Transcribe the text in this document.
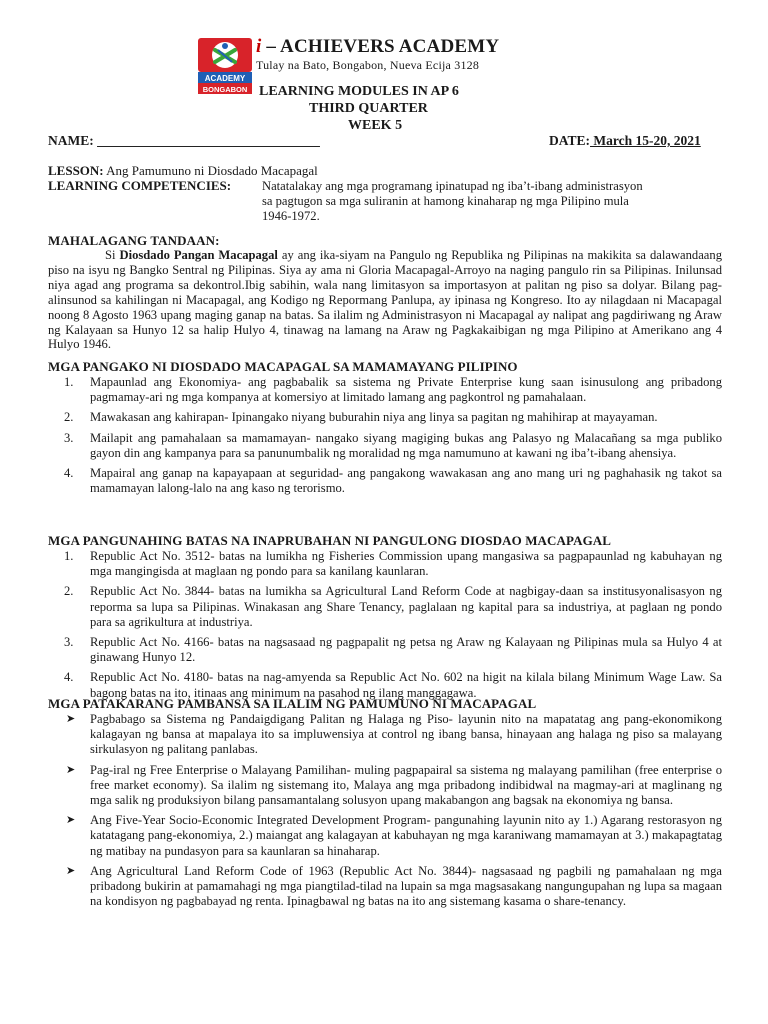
ACADEMY
BONGABON
i – ACHIEVERS ACADEMY
Tulay na Bato, Bongabon, Nueva Ecija 3128
LEARNING MODULES IN AP 6
THIRD QUARTER
WEEK 5
NAME: _________________________________	DATE: March 15-20, 2021
LESSON: Ang Pamumuno ni Diosdado Macapagal
LEARNING COMPETENCIES: Natatalakay ang mga programang ipinatupad ng iba’t-ibang administrasyon
sa pagtugon sa mga suliranin at hamong kinaharap ng mga Pilipino mula
1946-1972.
MAHALAGANG TANDAAN:
Si Diosdado Pangan Macapagal ay ang ika-siyam na Pangulo ng Republika ng Pilipinas na makikita sa dalawandaang piso na isyu ng Bangko Sentral ng Pilipinas. Siya ay ama ni Gloria Macapagal-Arroyo na naging pangulo rin sa Pilipinas. Inilunsad niya agad ang programa sa dekontrol.Ibig sabihin, wala nang limitasyon sa importasyon at palitan ng piso sa dolyar. Bilang pag-alinsunod sa kahilingan ni Macapagal, ang Kodigo ng Repormang Panlupa, ay ipinasa ng Kongreso. Ito ay nilagdaan ni Macapagal noong 8 Agosto 1963 upang maging ganap na batas. Sa ilalim ng Administrasyon ni Macapagal ay nalipat ang pagdiriwang ng Araw ng Kalayaan sa Hunyo 12 sa halip Hulyo 4, tinawag na lamang na Araw ng Pagkakaibigan ng mga Pilipino at Amerikano ang 4 Hulyo 1946.
MGA PANGAKO NI DIOSDADO MACAPAGAL SA MAMAMAYANG PILIPINO
1. Mapaunlad ang Ekonomiya- ang pagbabalik sa sistema ng Private Enterprise kung saan isinusulong ang pribadong pagmamay-ari ng mga kompanya at komersiyo at limitado lamang ang pagkontrol ng pamahalaan.
2. Mawakasan ang kahirapan- Ipinangako niyang buburahin niya ang linya sa pagitan ng mahihirap at mayayaman.
3. Mailapit ang pamahalaan sa mamamayan- nangako siyang magiging bukas ang Palasyo ng Malacañang sa mga publiko gayon din ang kampanya para sa panunumbalik ng moralidad ng mga namumuno at kawani ng iba’t-ibang ahensiya.
4. Mapairal ang ganap na kapayapaan at seguridad- ang pangakong wawakasan ang ano mang uri ng paghahasik ng takot sa mamamayan lalong-lalo na ang kaso ng terorismo.
MGA PANGUNAHING BATAS NA INAPRUBAHAN NI PANGULONG DIOSDAO MACAPAGAL
1. Republic Act No. 3512- batas na lumikha ng Fisheries Commission upang mangasiwa sa pagpapaunlad ng kabuhayan ng mga mangingisda at maglaan ng pondo para sa kanilang kaunlaran.
2. Republic Act No. 3844- batas na lumikha sa Agricultural Land Reform Code at nagbigay-daan sa institusyonalisasyon ng reporma sa lupa sa Pilipinas. Winakasan ang Share Tenancy, paglalaan ng kapital para sa industriya, at paglaan ng pondo para sa agrikultura at industriya.
3. Republic Act No. 4166- batas na nagsasaad ng pagpapalit ng petsa ng Araw ng Kalayaan ng Pilipinas mula sa Hulyo 4 at ginawang Hunyo 12.
4. Republic Act No. 4180- batas na nag-amyenda sa Republic Act No. 602 na higit na kilala bilang Minimum Wage Law. Sa bagong batas na ito, itinaas ang minimum na pasahod ng ilang manggagawa.
MGA PATAKARANG PAMBANSA SA ILALIM NG PAMUMUNO NI MACAPAGAL
➤ Pagbabago sa Sistema ng Pandaigdigang Palitan ng Halaga ng Piso- layunin nito na mapatatag ang pang-ekonomikong kalagayan ng bansa at mapalaya ito sa impluwensiya at control ng ibang bansa, hinayaan ang halaga ng piso sa malayang sirkulasyon ng palitang panlabas.
➤ Pag-iral ng Free Enterprise o Malayang Pamilihan- muling pagpapairal sa sistema ng malayang pamilihan (free enterprise o free market economy). Sa ilalim ng sistemang ito, Malaya ang mga pribadong indibidwal na magmay-ari at maglinang ng mga salik ng produksiyon bilang pansamantalang solusyon upang makabangon ang bagsak na ekonomiya ng bansa.
➤ Ang Five-Year Socio-Economic Integrated Development Program- pangunahing layunin nito ay 1.) Agarang restorasyon ng katatagang pang-ekonomiya, 2.) maiangat ang kalagayan at kabuhayan ng mga karaniwang mamamayan at 3.) makapagtatag ng matibay na pundasyon para sa kaunlaran sa hinaharap.
➤ Ang Agricultural Land Reform Code of 1963 (Republic Act No. 3844)- nagsasaad ng pagbili ng pamahalaan ng mga pribadong bukirin at pamamahagi ng mga piangtilad-tilad na lupain sa mga magsasakang nangungupahan ng lupa sa magaan na kondisyon ng pagbabayad ng renta. Ipinagbawal ng batas na ito ang sistemang kasama o share-tenancy.
